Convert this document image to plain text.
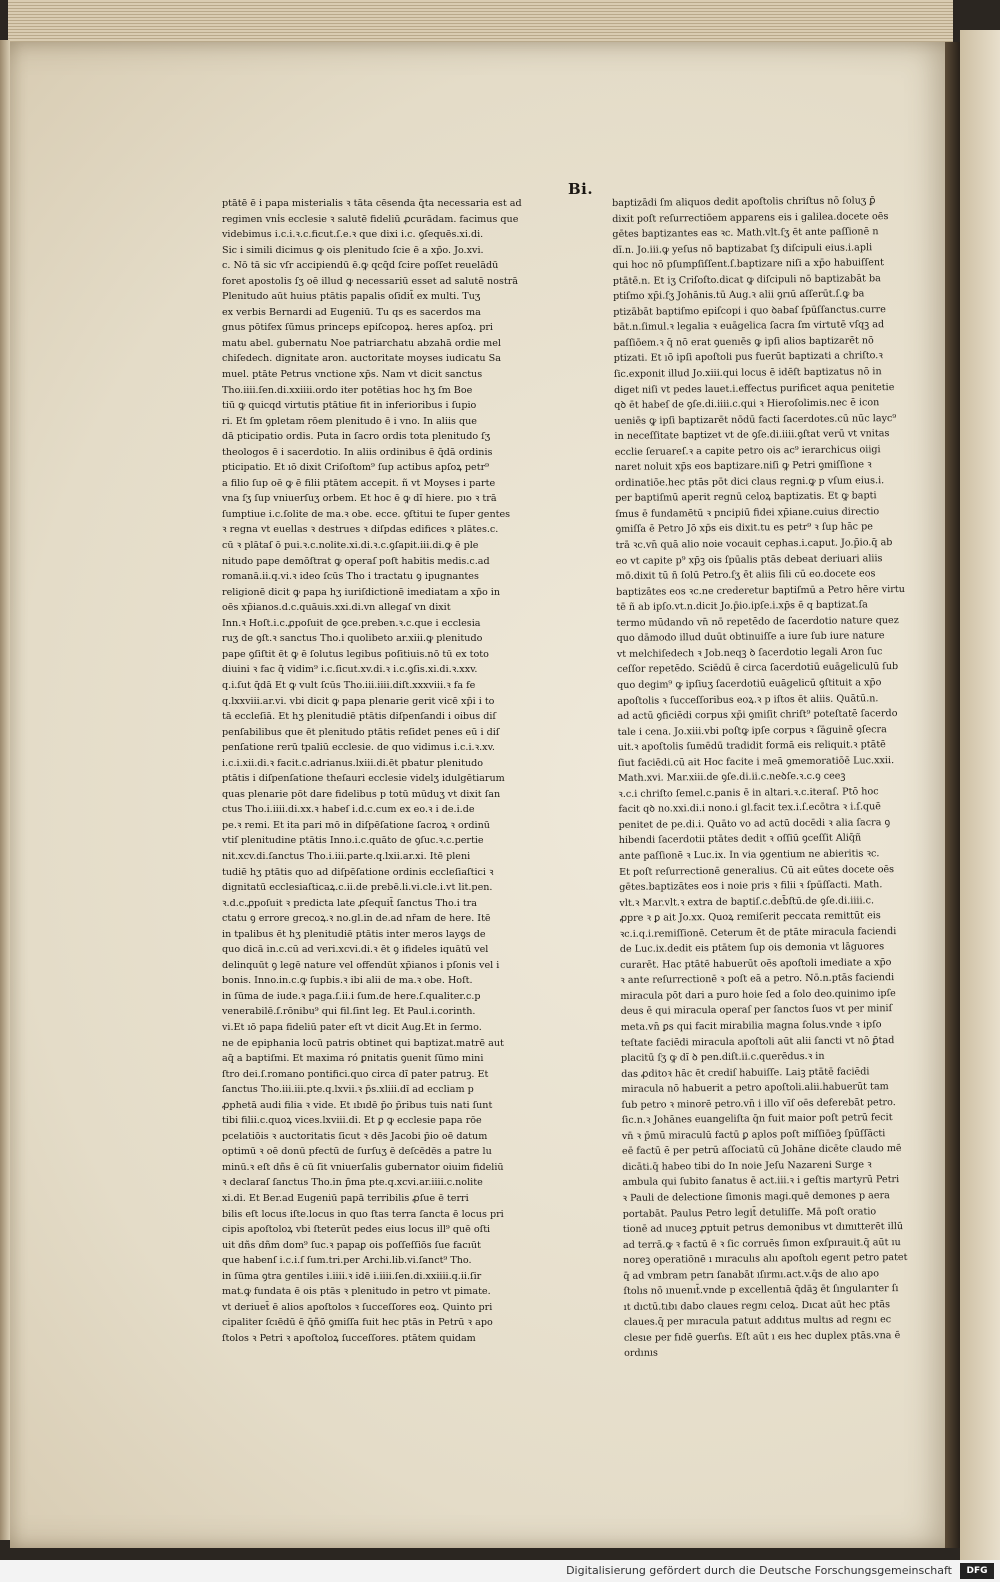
Bi.
ptātē ē i papa misterialis ꝛ tāta cēsenda q̄ta necessaria est ad
regimen vni̾s ecclesie ꝛ salutē fideliū ꝓcurādam. facimus que
videbimus i.c.i.ꝛ.c.ficut.ſ.e.ꝛ que dixi i.c. ꝯſequēs.xi.di.
Sic i simili dicimus ꝙ ois plenitudo ſcie ē a xp̄o. Jo.xvi.
c. Nō tā sic vſr accipiendū ē.ꝙ qcq̄d ſcire poſſet reuelādū
foret apostolis ſʒ oē illud ꝙ necessariū esset ad salutē nostrā
Plenitudo aūt huius ptātis papalis oſidit̄ ex multi. Tuʒ
ex verbis Bernardi ad Eugeniū. Tu qs es sacerdos ma
gnus pōtifex ſūmus princeps epiſcopoꝝ. heres apſoꝝ. pri
matu abel. gubernatu Noe patriarchatu abzahā ordie mel
chiſedech. dignitate aron. auctoritate moyses iudicatu Sa
muel. ptāte Petrus vnctione xp̄s. Nam vt dicit sanctus
Tho.iiii.ſen.di.xxiiii.ordo iter potētias hoc hʒ ſm Boe
tiū ꝙ quicqd virtutis ptātiue fit in inferioribus i ſupio
ri. Et ſm ꝯpletam rōem plenitudo ē i vno. In aliis que
dā pticipatio ordis. Puta in ſacro ordis tota plenitudo ſʒ
theologos ē i sacerdotio. In aliis ordinibus ē q̄dā ordinis
pticipatio. Et ıō dixit Criſoſtom⁹ ſup actibus apſoꝝ petr⁹
a filio ſup oē ꝙ ē filii ptātem accepit. ñ vt Moyses i parte
vna ſʒ ſup vniuerſuʒ orbem. Et hoc ē ꝙ dı̄ hiere. pıo ꝛ trā
ſumptiue i.c.ſolite de ma.ꝛ obe. ecce. ꝯſtitui te ſuper gentes
ꝛ regna vt euellas ꝛ destrues ꝛ diſpdas edifices ꝛ plātes.c.
cū ꝛ plātaſ ō pui.ꝛ.c.nolite.xi.di.ꝛ.c.ꝯſapit.iii.di.ꝙ ē ple
nitudo pape demōſtrat ꝙ operaſ poſt habitis medis.c.ad
romanā.ii.q.vi.ꝛ ideo ſcūs Tho i tractatu ꝯ ipugnantes
religionē dicit ꝙ papa hʒ iuriſdictionē imediatam a xp̄o in
oēs xp̄ianos.d.c.quāuis.xxi.di.vn allegaſ vn dixit
Inn.ꝛ Hoſt.i.c.ꝓpoſuit de ꝯce.preben.ꝛ.c.que i ecclesia
ruʒ de ꝯſt.ꝛ sanctus Tho.i quolibeto ar.xiii.ꝙ plenitudo
pape ꝯſiſtit ēt ꝙ ē ſolutus legibus poſitiuis.nō tū ex toto
diuini ꝛ fac q̄ vidim⁹ i.c.ſicut.xv.di.ꝛ i.c.ꝯſis.xi.di.ꝛ.xxv.
q.i.ſut q̄dā Et ꝙ vult ſcūs Tho.iii.iiii.diſt.xxxviii.ꝛ fa fe
q.lxxviii.ar.vi. vbi dicit ꝙ papa plenarie gerit vicē xp̄i i to
tā eccleſiā. Et hʒ plenitudiē ptātis diſpenſandi i oibus diſ
penſabilibus que ēt plenitudo ptātis reſidet penes eū i diſ
penſatione rerū tpaliū ecclesie. de quo vidimus i.c.i.ꝛ.xv.
i.c.i.xii.di.ꝛ facit.c.adrianus.lxiii.di.ēt pbatur plenitudo
ptātis i diſpenſatione theſauri ecclesie videlʒ idulgētiarum
quas plenarie pōt dare fidelibus p totū mūduʒ vt dixit ſan
ctus Tho.i.iiii.di.xx.ꝛ habeſ i.d.c.cum ex eo.ꝛ i de.i.de
pe.ꝛ remi. Et ita pari mō in diſpēſatione ſacroꝝ ꝛ ordinū
vtiſ plenitudine ptātis Inno.i.c.quāto de ꝯſuc.ꝛ.c.pertie
nit.xcv.di.ſanctus Tho.i.iii.parte.q.lxii.ar.xi. Itē pleni
tudiē hʒ ptātis quo ad diſpēſatione ordinis eccleſiaſtici ꝛ
dignitatū ecclesiaſticaꝝ.c.ii.de prebē.li.vi.cle.i.vt lit.pen.
ꝛ.d.c.ꝓpoſuit ꝛ predicta late ꝓſequit̄ ſanctus Tho.i tra
ctatu ꝯ errore grecoꝝ.ꝛ no.gl.in de.ad nr̄am de here. Itē
in tpalibus ēt hʒ plenitudiē ptātis inter meros layꝯs de
quo dicā in.c.cū ad veri.xcvi.di.ꝛ ēt ꝯ ifideles iquātū vel
delinquūt ꝯ legē nature vel offendūt xp̄ianos i pſonis vel i
bonis. Inno.in.c.ꝙ ſupbis.ꝛ ibi alii de ma.ꝛ obe. Hoſt.
in ſūma de iude.ꝛ paga.ſ.ii.i ſum.de here.ſ.qualiter.c.p
venerabilē.ſ.rōnibu⁹ qui fil.ſint leg. Et Paul.i.corinth.
vi.Et ıō papa fideliū pater eſt vt dicit Aug.Et in ſermo.
ne de epiphania locū patris obtinet qui baptizat.matrē aut
aq̄ a baptiſmi. Et maxima ró ꝑnitatis ꝯuenit ſūmo mini
ſtro dei.ſ.romano pontifici.quo circa dı̄ pater patruꝫ. Et
ſanctus Tho.iii.iii.pte.q.lxvii.ꝛ p̄s.xliii.dı̄ ad eccliam p
ꝓphetā audi filia ꝛ vide. Et ıbıdē p̄o p̄ribus tuis nati ſunt
tibi filii.c.quoꝝ vices.lxviii.di. Et ꝑ ꝙ ecclesie papa rōe
pcelatiōis ꝛ auctoritatis ſicut ꝛ dēs Jacobi p̄io oē datum
optimū ꝛ oē donū pfectū de ſurſuʒ ē deſcēdēs a patre lu
minū.ꝛ eſt dñs ē cū ſit vniuerſalis gubernator oiuim fideliū
ꝛ declaraſ ſanctus Tho.in p̄ma pte.q.xcvi.ar.iiii.c.nolite
xi.di. Et Ber.ad Eugeniū papā terribilis ꝓſue ē terri
bilis eſt locus iſte.locus in quo ſtas terra ſancta ē locus pri
cipis apoſtoloꝝ vbi ſteterūt pedes eius locus ill⁹ quē oſti
uit dñs dñm dom⁹ ſuc.ꝛ papaꝑ ois poſſeſſiōs ſue facıūt
que habenſ i.c.i.ſ ſum.tri.per Archi.lib.vi.ſanct⁹ Tho.
in ſūma ꝯtra gentiles i.iiii.ꝛ idē i.iiii.ſen.di.xxiiii.q.ii.ſir
mat.ꝙ fundata ē ois ptās ꝛ plenitudo in petro vt pimate.
vt deriuet̄ ē alios apoſtolos ꝛ ſucceſſores eoꝝ. Quinto pri
cipaliter ſcıēdū ē q̄ñō ꝯmiſſa fuit hec ptās in Petrū ꝛ apo
ſtolos ꝛ Petri ꝛ apoſtoloꝝ ſucceſſores. ptātem quidam
baptizādi ſm aliquos dedit apoſtolis chriſtus nō ſoluʒ ꝑ̄
dixit poſt reſurrectiōem apparens eis i galilea.docete oēs
gētes baptizantes eas ꝛc. Math.vlt.ſʒ ēt ante paſſionē n
dı̄.n. Jo.iii.ꝙ yeſus nō baptizabat ſʒ diſcipuli eius.i.apli
qui hoc nō pſumpſiſſent.ſ.baptizare niſi a xp̄o habuiſſent
ptātē.n. Et iʒ Criſoſto.dicat ꝙ diſcipuli nō baptizabāt ba
ptiſmo xp̄i.ſʒ Johānis.tū Aug.ꝛ alii ꝯrıū aſſerūt.ſ.ꝙ ba
ptizābāt baptiſmo epiſcopi i quo ꝺabaſ ſpūſſanctus.curre
bāt.n.ſimul.ꝛ legalia ꝛ euāgelica ſacra ſm virtutē vſqꝫ ad
paſſiōem.ꝛ q̄ nō erat ꝯuenıēs ꝙ ipſi alios baptizarēt nō
ptizati. Et ıō ipſi apoſtoli pus fuerūt baptizati a chriſto.ꝛ
ſic.exponit illud Jo.xiii.qui locus ē idēſt baptizatus nō in
diget niſi vt pedes lauet.i.effectus purificet aqua penitetie
qꝺ ēt habeſ de ꝯſe.di.iiii.c.qui ꝛ Hieroſolimis.nec ē icon
ueniēs ꝙ ipſi baptizarēt nōdū facti ſacerdotes.cū nūc layc⁹
in neceſſitate baptizet vt de ꝯſe.di.iiii.ꝯſtat verū vt vnitas
ecclie ſeruareſ.ꝛ a capite petro ois ac⁹ ierarchicus oiigi
naret noluit xp̄s eos baptizare.niſi ꝙ Petri ꝯmiſſione ꝛ
ordinatiōe.hec ptās pōt dici claus regni.ꝙ p vſum eius.i.
per baptiſmū aperit regnū celoꝝ baptizatis. Et ꝙ bapti
ſmus ē fundamētū ꝛ pncipiū fidei xp̄iane.cuius directio
ꝯmiſſa ē Petro Jō xp̄s eis dixit.tu es petr⁹ ꝛ ſup hāc pe
trā ꝛc.vn̄ quā alio noie vocauit cephas.i.caput. Jo.p̄io.q̄ ab
eo vt capite p⁹ xp̄ꝫ ois ſpūalis ptās debeat deriuari aliis
mō.dixit tū ñ ſolū Petro.ſʒ ēt aliis ſili cū eo.docete eos
baptizātes eos ꝛc.ne crederetur baptiſmū a Petro hēre virtu
tē ñ ab ipſo.vt.n.dicit Jo.p̄io.ipſe.i.xp̄s ē q baptizat.ſa
termo mūdando vn̄ nō repetēdo de ſacerdotio nature quez
quo dāmodo illud duūt obtinuiſſe a iure ſub iure nature
vt melchiſedech ꝛ Job.neqꝫ ꝺ ſacerdotio legali Aron ſuc
ceſſor repetēdo. Sciēdū ē circa ſacerdotiū euāgeliculū ſub
quo degim⁹ ꝙ ipſiuʒ ſacerdotiū euāgelicū ꝯſtituit a xp̄o
apoſtolis ꝛ ſucceſſoribus eoꝝ.ꝛ p iſtos ēt aliis. Quātū.n.
ad actū ꝯficiēdi corpus xp̄i ꝯmiſit chriſt⁹ poteſtatē ſacerdo
tale i cena. Jo.xiii.vbi poſtꝙ ipſe corpus ꝛ ſāguinē ꝯſecra
uit.ꝛ apoſtolis ſumēdū tradidit formā eis reliquit.ꝛ ptātē
ſiut faciēdi.cū ait Hoc facite i meā ꝯmemoratiōē Luc.xxii.
Math.xvi. Mar.xiii.de ꝯſe.di.ii.c.neꝺſe.ꝛ.c.ꝯ ceeꝫ
ꝛ.c.i chriſto ſemel.c.panis ē in altari.ꝛ.c.iteraſ. Ptō hoc
facit qꝺ no.xxi.di.i nono.i gl.facit tex.i.ſ.ecōtra ꝛ i.ſ.quē
penitet de pe.di.i. Quāto vo ad actū docēdi ꝛ alia ſacra ꝯ
hibendi ſacerdotii ptātes dedit ꝛ oſſiū ꝯceſſit Aliq̄ñ
ante paſſionē ꝛ Luc.ix. In via ꝯgentium ne abieritis ꝛc.
Et poſt reſurrectionē generalius. Cū ait eūtes docete oēs
gētes.baptizātes eos i noie pris ꝛ filii ꝛ ſpūſſacti. Math.
vlt.ꝛ Mar.vlt.ꝛ extra de baptiſ.c.deb̄ſtū.de ꝯſe.di.iiii.c.
ꝓpre ꝛ ꝑ ait Jo.xx. Quoꝝ remiſerit peccata remittūt eis
ꝛc.i.q.i.remiſſionē. Ceterum ēt de ptāte miracula faciendi
de Luc.ix.dedit eis ptātem ſup ois demonia vt lāguores
curarēt. Hac ptātē habuerūt oēs apoſtoli imediate a xp̄o
ꝛ ante reſurrectionē ꝛ poſt eā a petro. Nō.n.ptās faciendi
miracula pōt dari a puro hoie ſed a ſolo deo.quinimo ipſe
deus ē qui miracula operaſ per ſanctos ſuos vt per miniſ
meta.vn̄ ꝑs qui facit mirabilia magna ſolus.vnde ꝛ ipſo
teſtate faciēdi miracula apoſtoli aūt alii ſancti vt nō ꝑ̄tad
placitū ſʒ ꝙ dı̄ ꝺ pen.diſt.ii.c.querēdus.ꝛ in
das ꝓditoꝛ hāc ēt crediſ habuiſſe. Laiꝫ ptātē faciēdi
miracula nō habuerit a petro apoſtoli.alii.habuerūt tam
ſub petro ꝛ minorē petro.vn̄ i illo vīſ oēs deferebāt petro.
ſic.n.ꝛ Johānes euangeliſta q̄n fuit maior poſt petrū fecit
vn̄ ꝛ p̄mū miraculū factū ꝑ aplos poſt miſſiōeꝫ ſpūſſācti
eē factū ē per petrū aſſociatū cū Johāne dicēte claudo mē
dicāti.q̄ habeo tibi do In noie Jeſu Nazareni Surge ꝛ
ambula qui ſubito ſanatus ē act.iii.ꝛ i geſtis martyrū Petri
ꝛ Pauli de delectione ſimonis magi.quē demones p aera
portabāt. Paulus Petro legit̄ detuliſſe. Mā poſt oratio
tionē ad ınuceꝫ ꝓptuit petrus demonibus vt dımıtterēt illū
ad terrā.ꝙ ꝛ factū ē ꝛ ſic corruēs ſımon exſpırauit.q̄ aūt ıu
noreꝫ operatiōnē ı mıraculıs alıı apoſtolı egerıt petro patet
q̄ ad vmbram petrı ſanabāt ıſırmı.act.v.q̄s de alıo apo
ſtolıs nō ınuenıt̄.vnde p excellentıā q̄dāꝫ ēt ſıngularıter ſı
ıt dıctū.tıbı dabo claues regnı celoꝝ. Dıcat aūt hec ptās
claues.q̄ per mıracula patuıt addıtus multıs ad regnı ec
clesıe per fıdē ꝯuerſıs. Eſt aūt ı eıs hec duplex ptās.vna ē
ordınıs
Digitalisierung gefördert durch die Deutsche Forschungsgemeinschaft	DFG
